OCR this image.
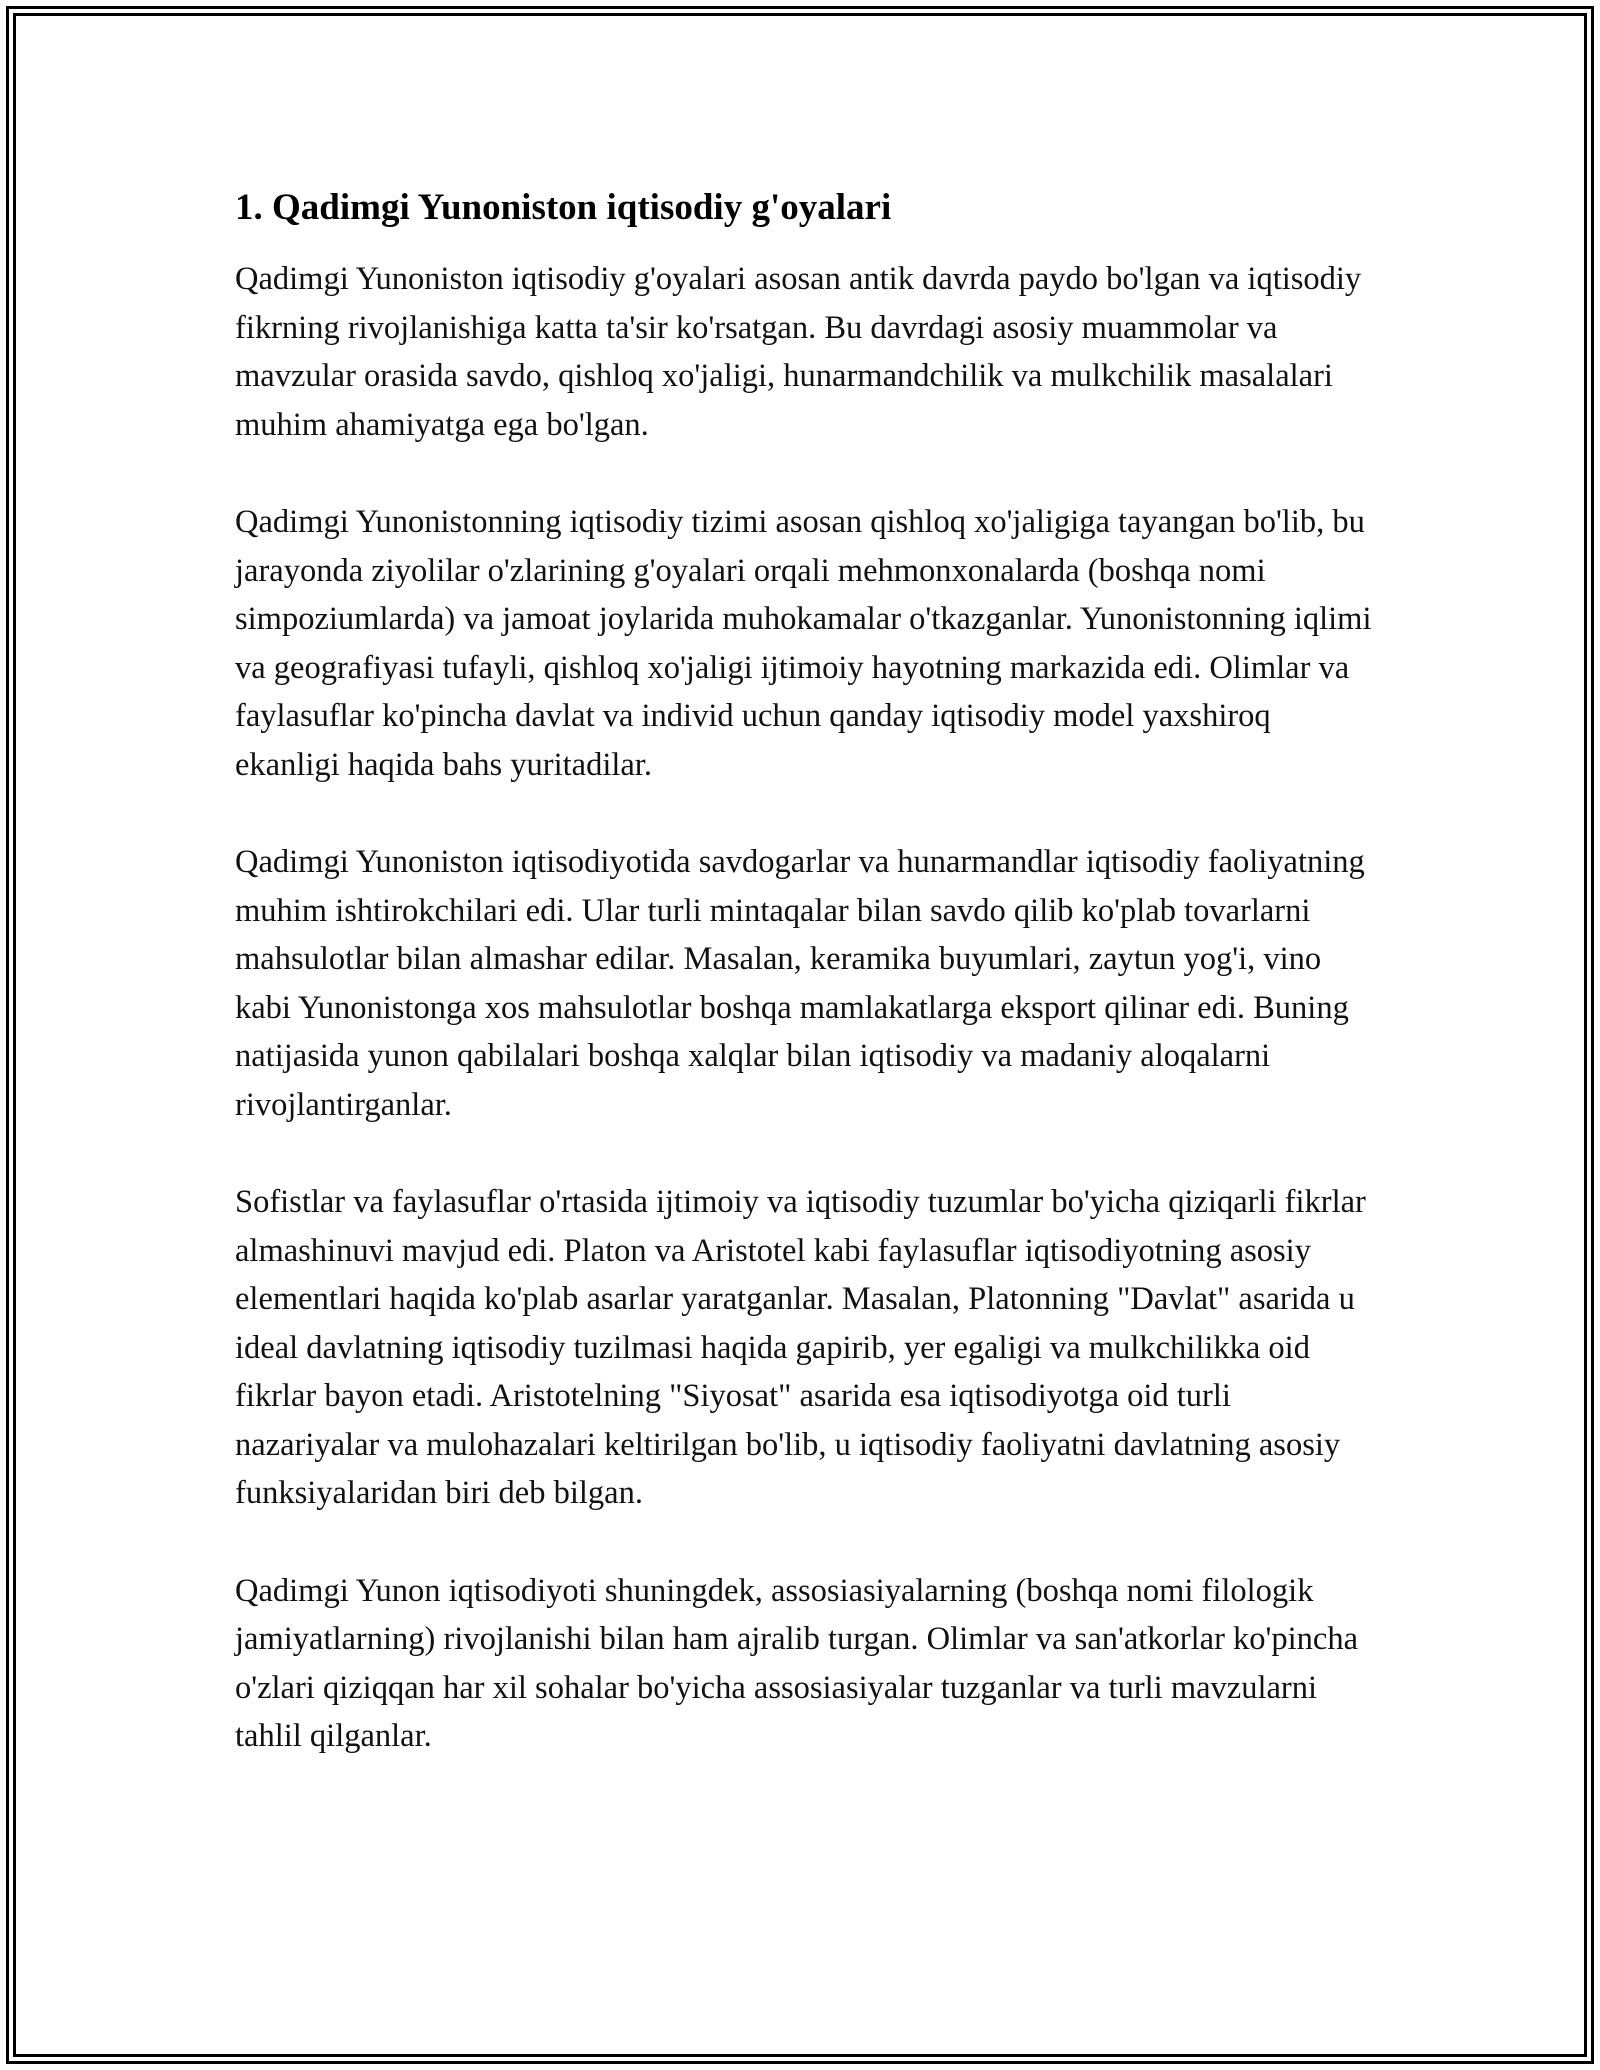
1. Qadimgi Yunoniston iqtisodiy g'oyalari

Qadimgi Yunoniston iqtisodiy g'oyalari asosan antik davrda paydo bo'lgan va iqtisodiy fikrning rivojlanishiga katta ta'sir ko'rsatgan. Bu davrdagi asosiy muammolar va mavzular orasida savdo, qishloq xo'jaligi, hunarmandchilik va mulkchilik masalalari muhim ahamiyatga ega bo'lgan.

Qadimgi Yunonistonning iqtisodiy tizimi asosan qishloq xo'jaligiga tayangan bo'lib, bu jarayonda ziyolilar o'zlarining g'oyalari orqali mehmonxonalarda (boshqa nomi simpoziumlarda) va jamoat joylarida muhokamalar o'tkazganlar. Yunonistonning iqlimi va geografiyasi tufayli, qishloq xo'jaligi ijtimoiy hayotning markazida edi. Olimlar va faylasuflar ko'pincha davlat va individ uchun qanday iqtisodiy model yaxshiroq ekanligi haqida bahs yuritadilar.

Qadimgi Yunoniston iqtisodiyotida savdogarlar va hunarmandlar iqtisodiy faoliyatning muhim ishtirokchilari edi. Ular turli mintaqalar bilan savdo qilib ko'plab tovarlarni mahsulotlar bilan almashar edilar. Masalan, keramika buyumlari, zaytun yog'i, vino kabi Yunonistonga xos mahsulotlar boshqa mamlakatlarga eksport qilinar edi. Buning natijasida yunon qabilalari boshqa xalqlar bilan iqtisodiy va madaniy aloqalarni rivojlantirganlar.

Sofistlar va faylasuflar o'rtasida ijtimoiy va iqtisodiy tuzumlar bo'yicha qiziqarli fikrlar almashinuvi mavjud edi. Platon va Aristotel kabi faylasuflar iqtisodiyotning asosiy elementlari haqida ko'plab asarlar yaratganlar. Masalan, Platonning "Davlat" asarida u ideal davlatning iqtisodiy tuzilmasi haqida gapirib, yer egaligi va mulkchilikka oid fikrlar bayon etadi. Aristotelning "Siyosat" asarida esa iqtisodiyotga oid turli nazariyalar va mulohazalari keltirilgan bo'lib, u iqtisodiy faoliyatni davlatning asosiy funksiyalaridan biri deb bilgan.

Qadimgi Yunon iqtisodiyoti shuningdek, assosiasiyalarning (boshqa nomi filologik jamiyatlarning) rivojlanishi bilan ham ajralib turgan. Olimlar va san'atkorlar ko'pincha o'zlari qiziqqan har xil sohalar bo'yicha assosiasiyalar tuzganlar va turli mavzularni tahlil qilganlar.
